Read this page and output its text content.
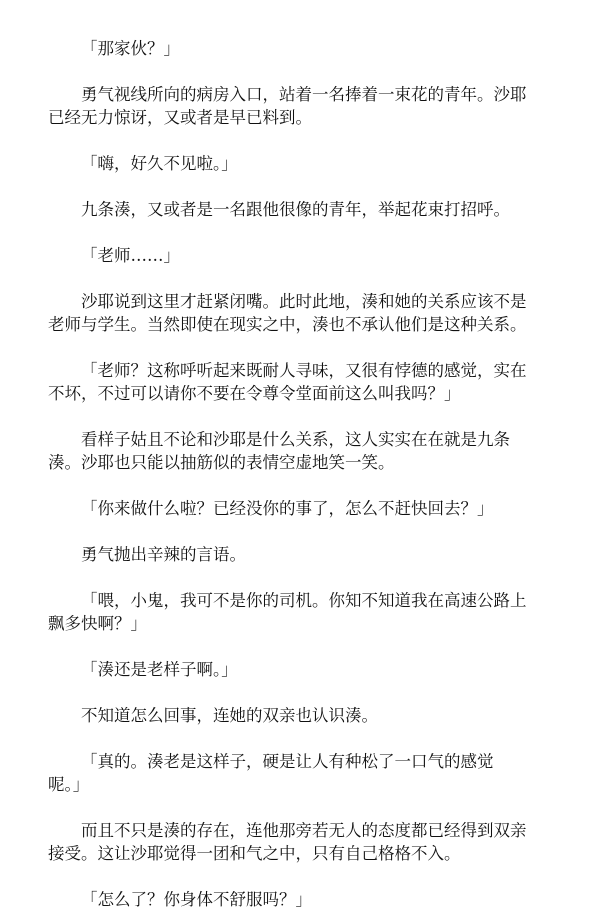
「那家伙？」

勇气视线所向的病房入口，站着一名捧着一束花的青年。沙耶
已经无力惊讶，又或者是早已料到。

「嗨，好久不见啦。」

九条湊，又或者是一名跟他很像的青年，举起花束打招呼。

「老师……」

沙耶说到这里才赶紧闭嘴。此时此地，湊和她的关系应该不是
老师与学生。当然即使在现实之中，湊也不承认他们是这种关系。

「老师？这称呼听起来既耐人寻味，又很有悖德的感觉，实在
不坏，不过可以请你不要在令尊令堂面前这么叫我吗？」

看样子姑且不论和沙耶是什么关系，这人实实在在就是九条
湊。沙耶也只能以抽筋似的表情空虚地笑一笑。

「你来做什么啦？已经没你的事了，怎么不赶快回去？」

勇气抛出辛辣的言语。

「喂，小鬼，我可不是你的司机。你知不知道我在高速公路上
飘多快啊？」

「湊还是老样子啊。」

不知道怎么回事，连她的双亲也认识湊。

「真的。湊老是这样子，硬是让人有种松了一口气的感觉
呢。」

而且不只是湊的存在，连他那旁若无人的态度都已经得到双亲
接受。这让沙耶觉得一团和气之中，只有自己格格不入。

「怎么了？你身体不舒服吗？」
